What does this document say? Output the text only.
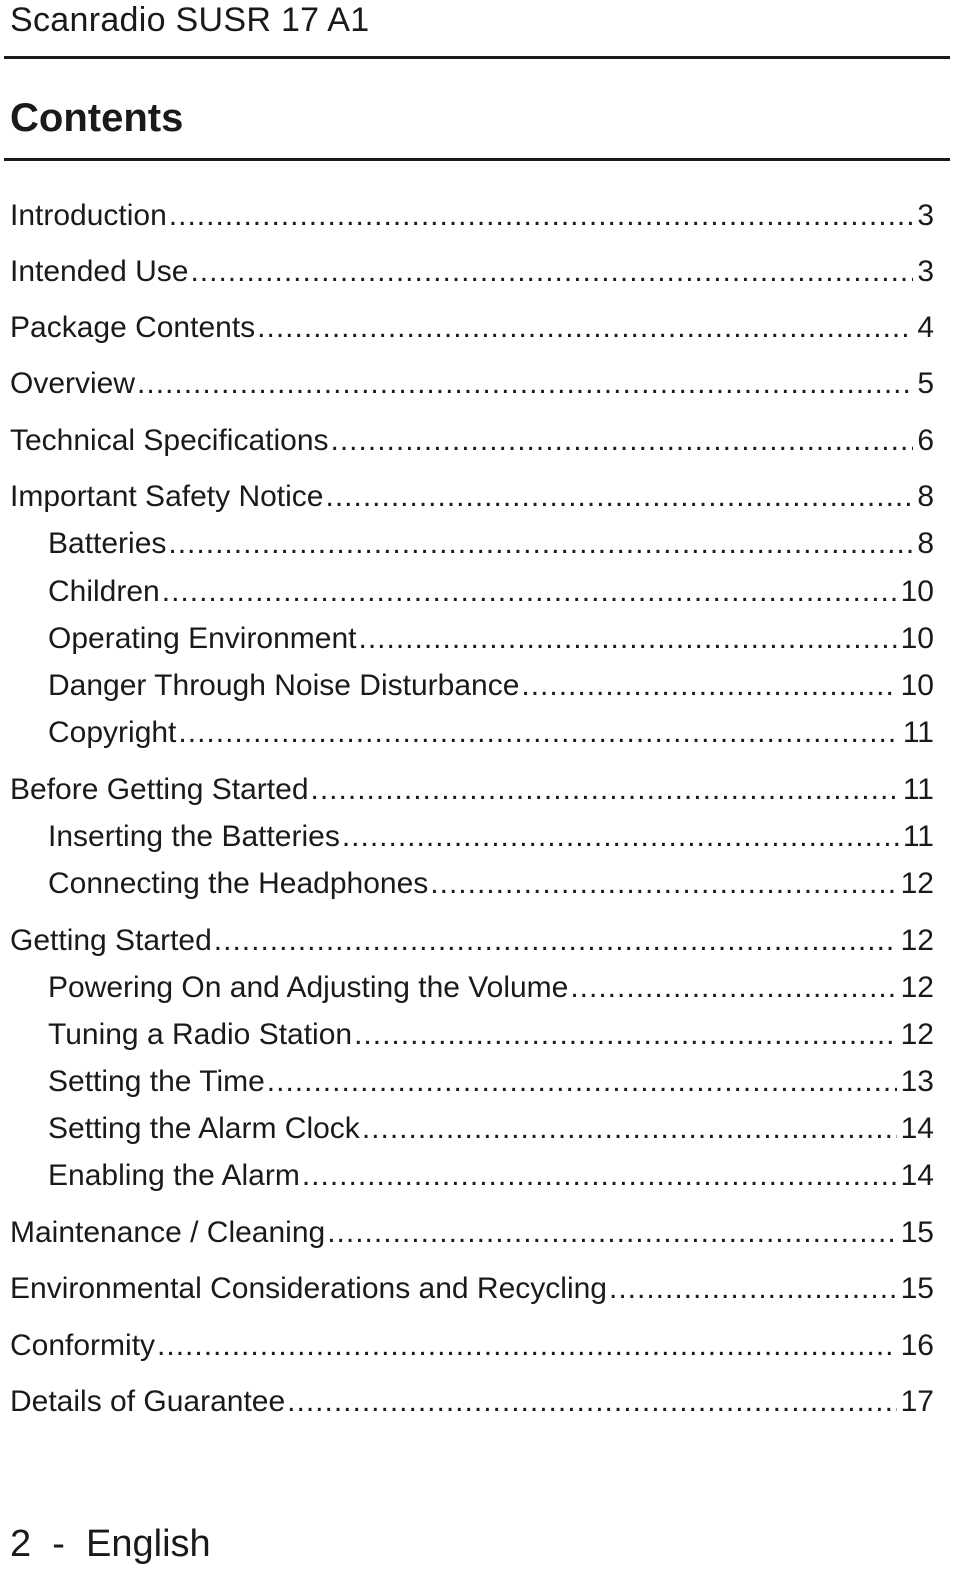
Scanradio SUSR 17 A1
Contents
Introduction .....	3
Intended Use .....	3
Package Contents .....	4
Overview .....	5
Technical Specifications .....	6
Important Safety Notice .....	8
Batteries .....	8
Children .....	10
Operating Environment .....	10
Danger Through Noise Disturbance .....	10
Copyright .....	11
Before Getting Started .....	11
Inserting the Batteries .....	11
Connecting the Headphones .....	12
Getting Started .....	12
Powering On and Adjusting the Volume .....	12
Tuning a Radio Station .....	12
Setting the Time .....	13
Setting the Alarm Clock .....	14
Enabling the Alarm .....	14
Maintenance / Cleaning .....	15
Environmental Considerations and Recycling .....	15
Conformity .....	16
Details of Guarantee .....	17
2 - English
